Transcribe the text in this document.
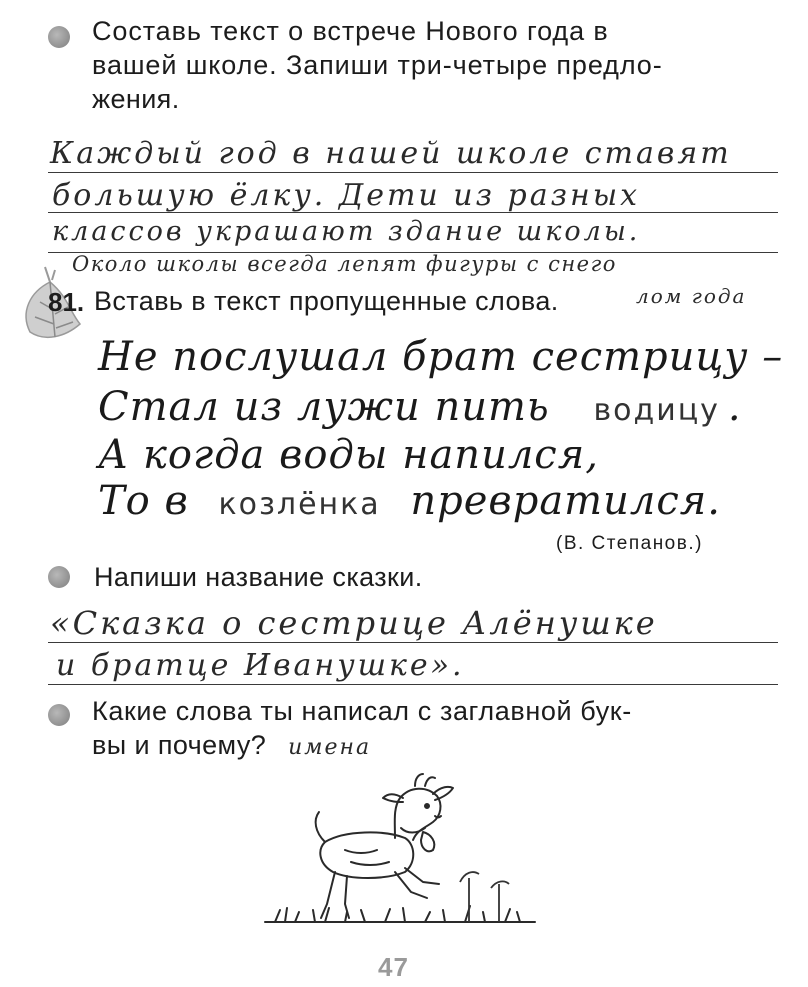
Составь текст о встрече Нового года в
вашей школе. Запиши три-четыре предло-
жения.
Каждый год в нашей школе ставят
большую ёлку. Дети из разных
классов украшают здание школы.
Около школы всегда лепят фигуры с снего
81. Вставь в текст пропущенные слова.	лом года
Не послушал брат сестрицу –
Стал из лужи пить водицу .
А когда воды напился,
То в козлёнка превратился.
(В. Степанов.)
Напиши название сказки.
«Сказка о сестрице Алёнушке
и братце Иванушке».
Какие слова ты написал с заглавной бук-
вы и почему? имена
47
